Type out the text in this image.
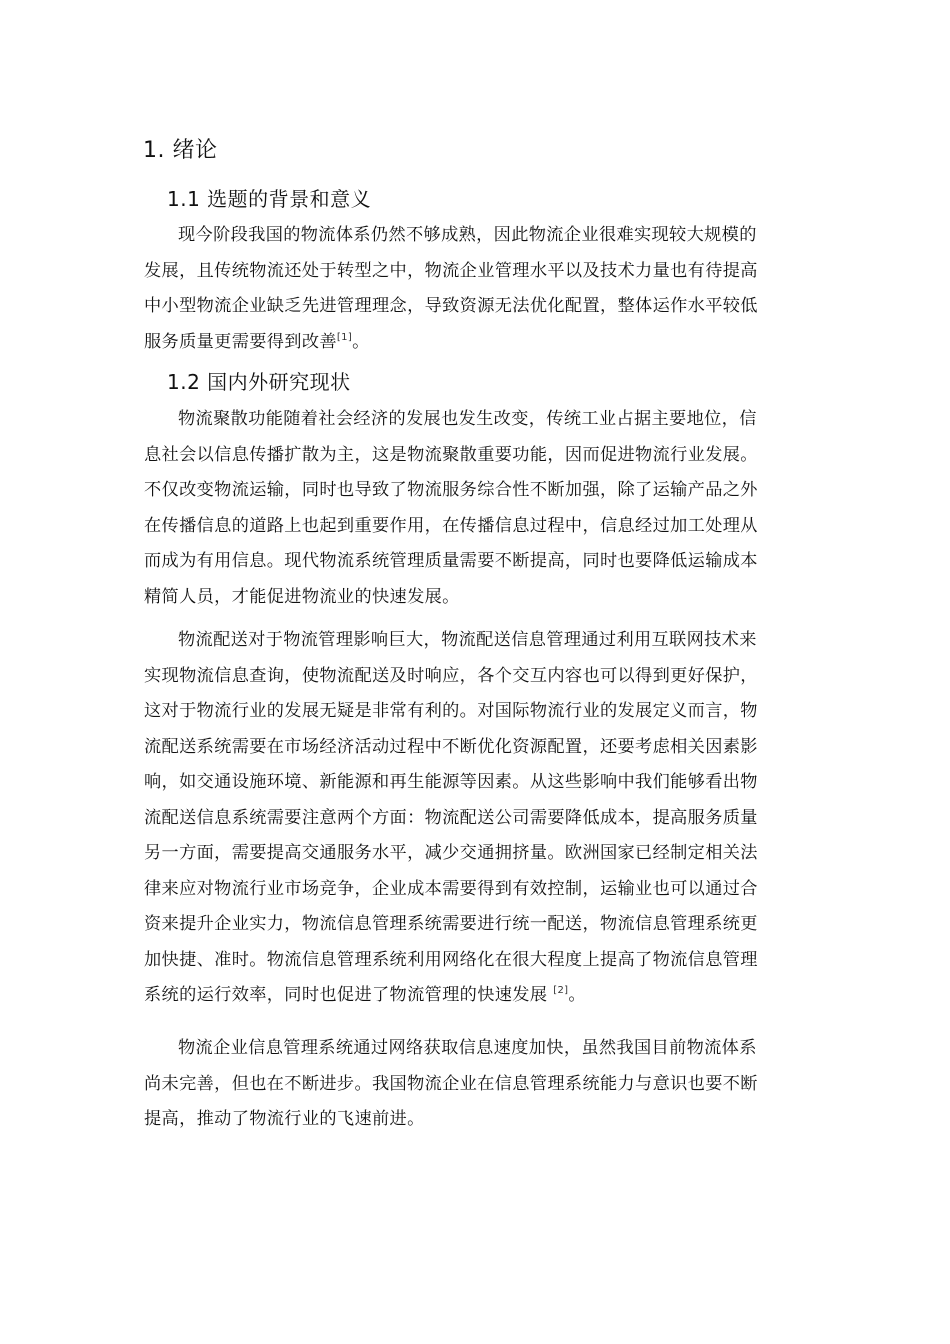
1. 绪论
1.1 选题的背景和意义
现今阶段我国的物流体系仍然不够成熟，因此物流企业很难实现较大规模的
发展，且传统物流还处于转型之中，物流企业管理水平以及技术力量也有待提高
中小型物流企业缺乏先进管理理念，导致资源无法优化配置，整体运作水平较低
服务质量更需要得到改善[1]。
1.2 国内外研究现状
物流聚散功能随着社会经济的发展也发生改变，传统工业占据主要地位，信
息社会以信息传播扩散为主，这是物流聚散重要功能，因而促进物流行业发展。
不仅改变物流运输，同时也导致了物流服务综合性不断加强，除了运输产品之外
在传播信息的道路上也起到重要作用，在传播信息过程中，信息经过加工处理从
而成为有用信息。现代物流系统管理质量需要不断提高，同时也要降低运输成本
精简人员，才能促进物流业的快速发展。
物流配送对于物流管理影响巨大，物流配送信息管理通过利用互联网技术来
实现物流信息查询，使物流配送及时响应，各个交互内容也可以得到更好保护，
这对于物流行业的发展无疑是非常有利的。对国际物流行业的发展定义而言，物
流配送系统需要在市场经济活动过程中不断优化资源配置，还要考虑相关因素影
响，如交通设施环境、新能源和再生能源等因素。从这些影响中我们能够看出物
流配送信息系统需要注意两个方面：物流配送公司需要降低成本，提高服务质量
另一方面，需要提高交通服务水平，减少交通拥挤量。欧洲国家已经制定相关法
律来应对物流行业市场竞争，企业成本需要得到有效控制，运输业也可以通过合
资来提升企业实力，物流信息管理系统需要进行统一配送，物流信息管理系统更
加快捷、准时。物流信息管理系统利用网络化在很大程度上提高了物流信息管理
系统的运行效率，同时也促进了物流管理的快速发展 [2]。
物流企业信息管理系统通过网络获取信息速度加快，虽然我国目前物流体系
尚未完善，但也在不断进步。我国物流企业在信息管理系统能力与意识也要不断
提高，推动了物流行业的飞速前进。
